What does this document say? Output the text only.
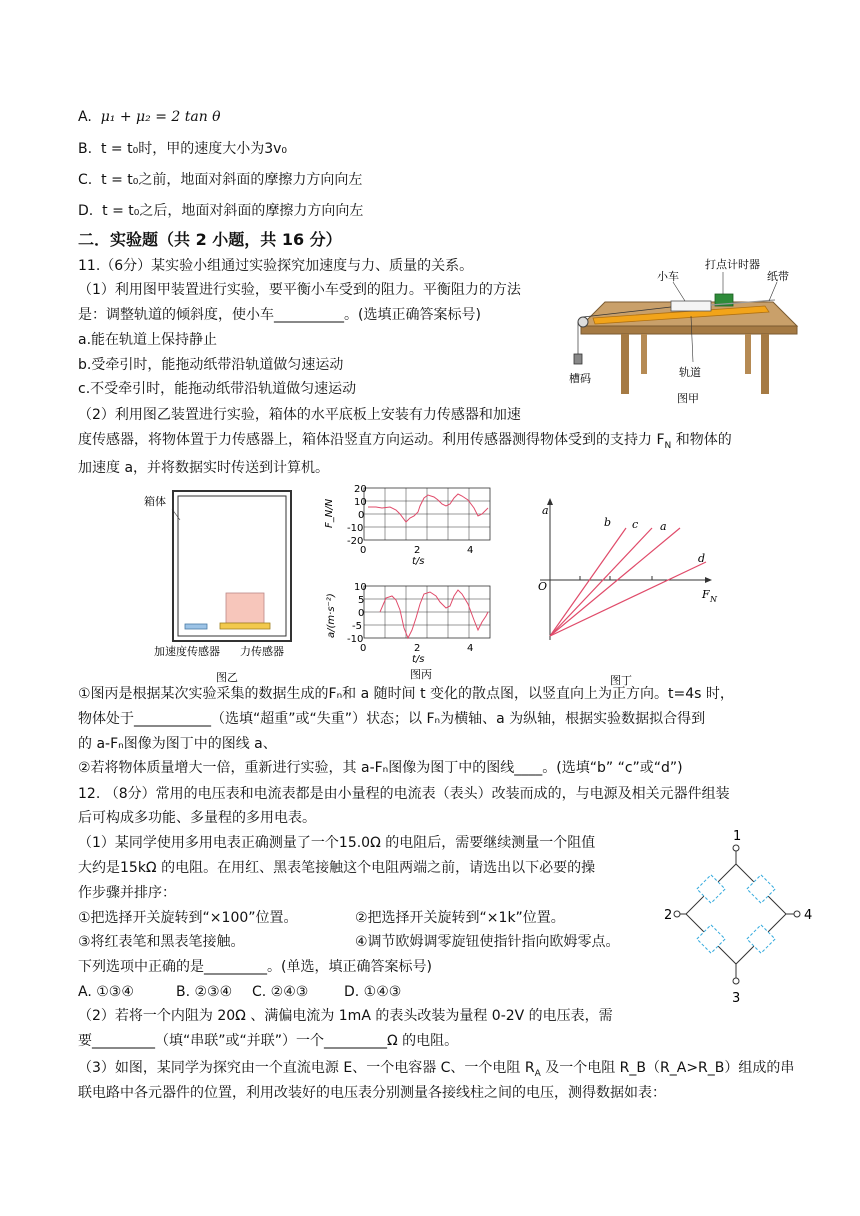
A. μ₁ + μ₂ = 2 tan θ
B. t = t₀时，甲的速度大小为3v₀
C. t = t₀之前，地面对斜面的摩擦力方向向左
D. t = t₀之后，地面对斜面的摩擦力方向向左
二．实验题（共 2 小题，共 16 分）
11.（6分）某实验小组通过实验探究加速度与力、质量的关系。
（1）利用图甲装置进行实验，要平衡小车受到的阻力。平衡阻力的方法
是：调整轨道的倾斜度，使小车__________。(选填正确答案标号)
a.能在轨道上保持静止
b.受牵引时，能拖动纸带沿轨道做匀速运动
c.不受牵引时，能拖动纸带沿轨道做匀速运动
（2）利用图乙装置进行实验，箱体的水平底板上安装有力传感器和加速
度传感器，将物体置于力传感器上，箱体沿竖直方向运动。利用传感器测得物体受到的支持力 $F_N$ 和物体的
加速度 a，并将数据实时传送到计算机。
打点计时器
小车	纸带
轨道
槽码
图甲
箱体
加速度传感器 力传感器
图乙
20
10
0
-10
-20
0	2	4
t/s
F_N/N
10
5
0
-5
-10
0	2	4
t/s
a/(m·s⁻²)
图丙
a
O
F N
b c a
d
图丁
①图丙是根据某次实验采集的数据生成的Fₙ和 a 随时间 t 变化的散点图，以竖直向上为正方向。t=4s 时，
物体处于___________（选填“超重”或“失重”）状态；以 Fₙ为横轴、a 为纵轴，根据实验数据拟合得到
的 a-Fₙ图像为图丁中的图线 a、
②若将物体质量增大一倍，重新进行实验，其 a-Fₙ图像为图丁中的图线____。(选填“b” “c”或“d”)
12. （8分）常用的电压表和电流表都是由小量程的电流表（表头）改装而成的，与电源及相关元器件组装
后可构成多功能、多量程的多用电表。
（1）某同学使用多用电表正确测量了一个15.0Ω 的电阻后，需要继续测量一个阻值
大约是15kΩ 的电阻。在用红、黑表笔接触这个电阻两端之前，请选出以下必要的操
作步骤并排序：
①把选择开关旋转到“×100”位置。	②把选择开关旋转到“×1k”位置。
③将红表笔和黑表笔接触。	④调节欧姆调零旋钮使指针指向欧姆零点。
下列选项中正确的是_________。(单选，填正确答案标号)
A. ①③④	B. ②③④ C. ②④③	D. ①④③
（2）若将一个内阻为 20Ω 、满偏电流为 1mA 的表头改装为量程 0-2V 的电压表，需
要_________（填“串联”或“并联”）一个_________Ω 的电阻。
（3）如图，某同学为探究由一个直流电源 E、一个电容器 C、一个电阻 $R_A$ 及一个电阻 R_B（R_A>R_B）组成的串
联电路中各元器件的位置，利用改装好的电压表分别测量各接线柱之间的电压，测得数据如表：
1
3
2	4
